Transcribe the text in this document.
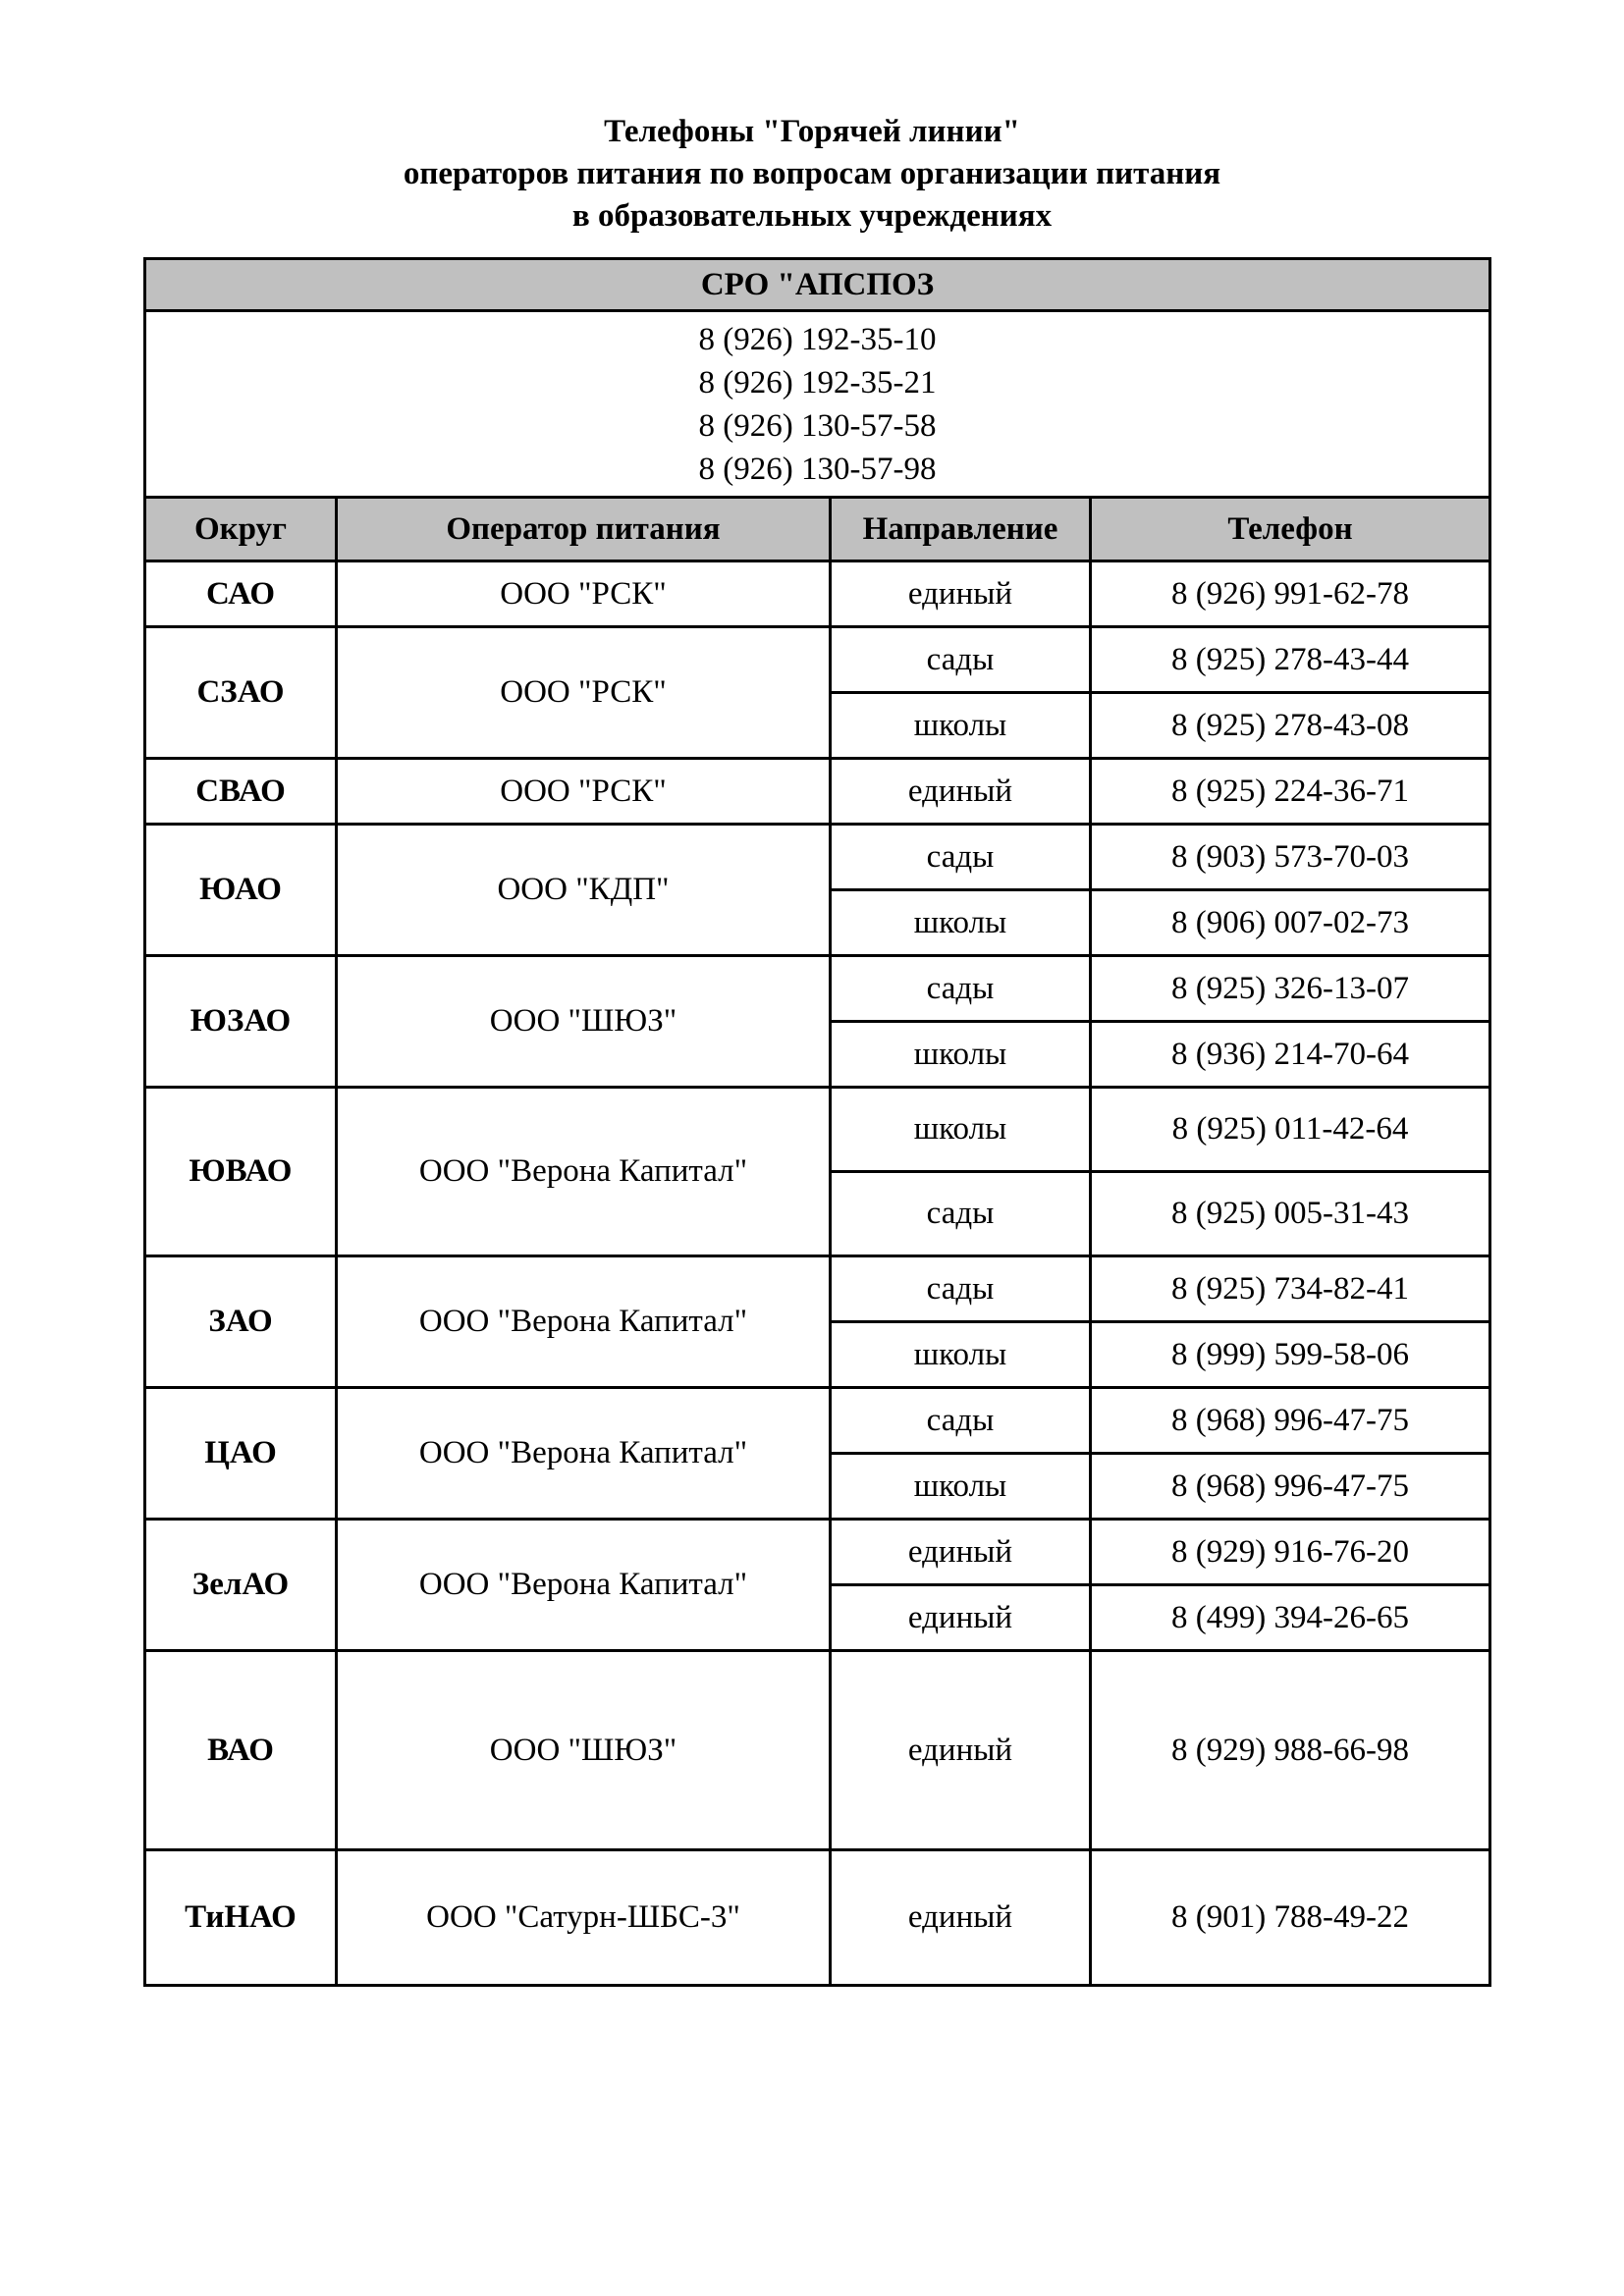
Телефоны "Горячей линии"
операторов питания по вопросам организации питания
в образовательных учреждениях
СРО "АПСПОЗ			

8 (926) 192-35-10
8 (926) 192-35-21
8 (926) 130-57-58
8 (926) 130-57-98			

Округ	Оператор питания	Направление	Телефон
САО	ООО "РСК"	единый	8 (926) 991-62-78
СЗАО	ООО "РСК"	сады	8 (925) 278-43-44
		школы	8 (925) 278-43-08
СВАО	ООО "РСК"	единый	8 (925) 224-36-71
ЮАО	ООО "КДП"	сады	8 (903) 573-70-03
		школы	8 (906) 007-02-73
ЮЗАО	ООО "ШЮЗ"	сады	8 (925) 326-13-07
		школы	8 (936) 214-70-64
ЮВАО	ООО "Верона Капитал"	школы	8 (925) 011-42-64
		сады	8 (925) 005-31-43
ЗАО	ООО "Верона Капитал"	сады	8 (925) 734-82-41
		школы	8 (999) 599-58-06
ЦАО	ООО "Верона Капитал"	сады	8 (968) 996-47-75
		школы	8 (968) 996-47-75
ЗелАО	ООО "Верона Капитал"	единый	8 (929) 916-76-20
		единый	8 (499) 394-26-65
ВАО	ООО "ШЮЗ"	единый	8 (929) 988-66-98
ТиНАО	ООО "Сатурн-ШБС-3"	единый	8 (901) 788-49-22
